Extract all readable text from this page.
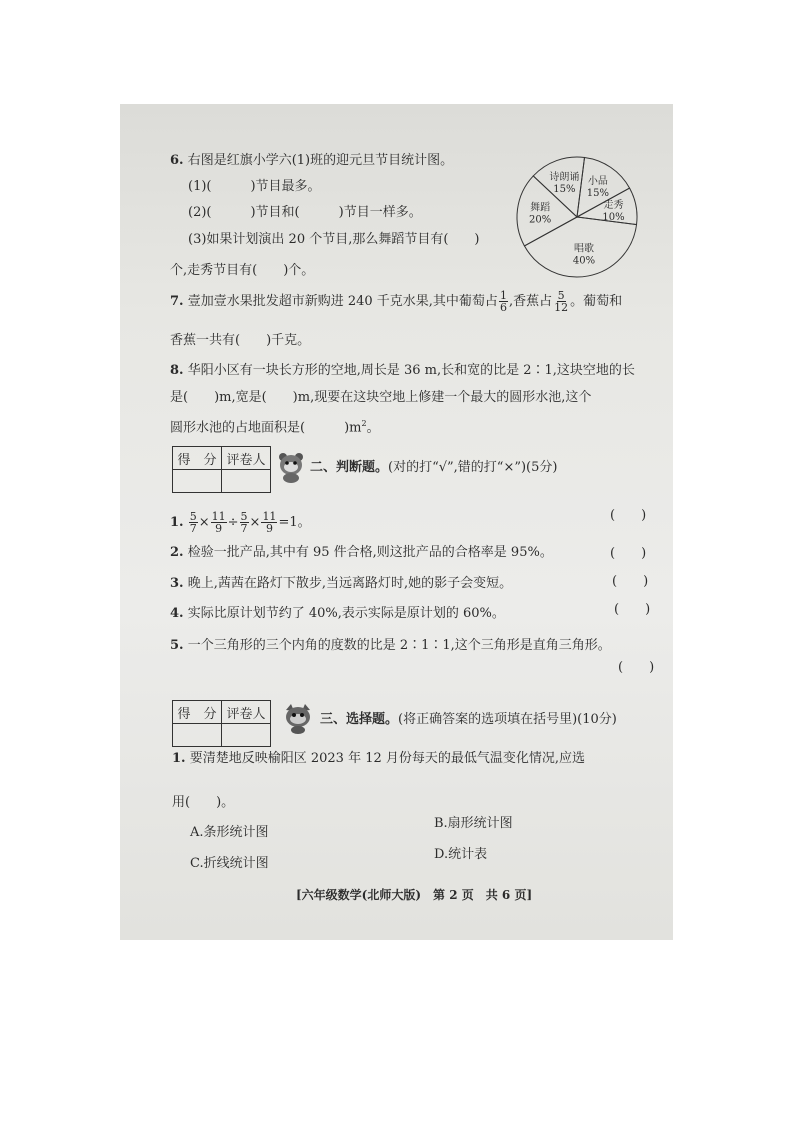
6. 右图是红旗小学六(1)班的迎元旦节目统计图。
(1)(　　　)节目最多。
(2)(　　　)节目和(　　　)节目一样多。
(3)如果计划演出 20 个节目,那么舞蹈节目有(　　)
个,走秀节目有(　　)个。
诗朗诵
15%
小品
15%
走秀
10%
唱歌
40%
舞蹈
20%
7. 壹加壹水果批发超市新购进 240 千克水果,其中葡萄占 $\frac{1}{6}$ ,香蕉占 $\frac{5}{12}$ 。葡萄和
香蕉一共有(　　)千克。
8. 华阳小区有一块长方形的空地,周长是 36 m,长和宽的比是 2∶1,这块空地的长
是(　　)m,宽是(　　)m,现要在这块空地上修建一个最大的圆形水池,这个
圆形水池的占地面积是(　　　)$m^2$。
得　分	评卷人
		二、判断题。(对的打“√”,错的打“×”)(5分)
1. $\frac{5}{7} \times \frac{11}{9} \div \frac{5}{7} \times \frac{11}{9} =1$。	(　　)
2. 检验一批产品,其中有 95 件合格,则这批产品的合格率是 95%。	(　　)
3. 晚上,茜茜在路灯下散步,当远离路灯时,她的影子会变短。	(　　)
4. 实际比原计划节约了 40%,表示实际是原计划的 60%。	(　　)
5. 一个三角形的三个内角的度数的比是 2∶1∶1,这个三角形是直角三角形。
(　　)
得　分	评卷人
		三、选择题。(将正确答案的选项填在括号里)(10分)
1. 要清楚地反映榆阳区 2023 年 12 月份每天的最低气温变化情况,应选
用(　　)。
A.条形统计图
B.扇形统计图
C.折线统计图
D.统计表
[六年级数学(北师大版)　第 2 页　共 6 页]
